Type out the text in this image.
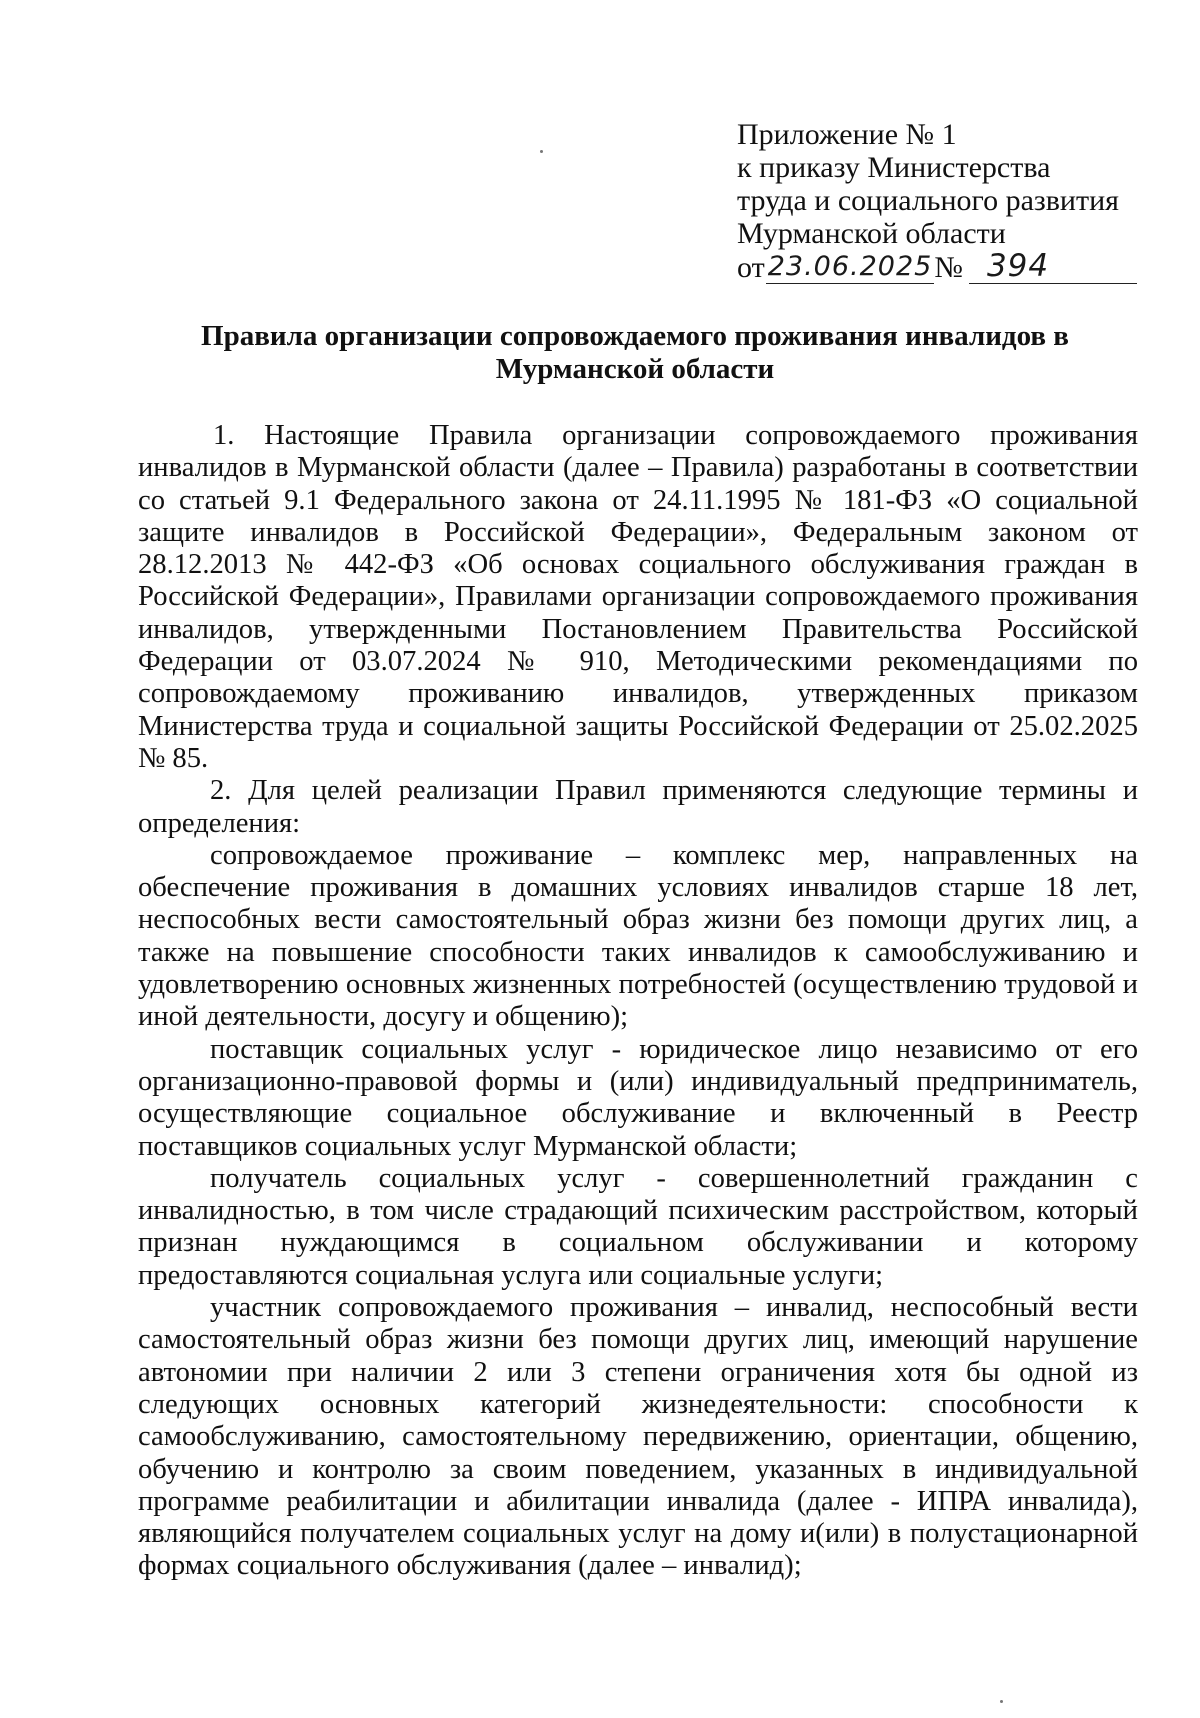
Приложение № 1
к приказу Министерства
труда и социального развития
Мурманской области
от 23.06.2025 № 394
Правила организации сопровождаемого проживания инвалидов в
Мурманской области

1. Настоящие Правила организации сопровождаемого проживания инвалидов в Мурманской области (далее – Правила) разработаны в соответствии со статьей 9.1 Федерального закона от 24.11.1995 № 181-ФЗ «О социальной защите инвалидов в Российской Федерации», Федеральным законом от 28.12.2013 № 442-ФЗ «Об основах социального обслуживания граждан в Российской Федерации», Правилами организации сопровождаемого проживания инвалидов, утвержденными Постановлением Правительства Российской Федерации от 03.07.2024 № 910, Методическими рекомендациями по сопровождаемому проживанию инвалидов, утвержденных приказом Министерства труда и социальной защиты Российской Федерации от 25.02.2025 № 85.

2. Для целей реализации Правил применяются следующие термины и определения:

сопровождаемое проживание – комплекс мер, направленных на обеспечение проживания в домашних условиях инвалидов старше 18 лет, неспособных вести самостоятельный образ жизни без помощи других лиц, а также на повышение способности таких инвалидов к самообслуживанию и удовлетворению основных жизненных потребностей (осуществлению трудовой и иной деятельности, досугу и общению);

поставщик социальных услуг - юридическое лицо независимо от его организационно-правовой формы и (или) индивидуальный предприниматель, осуществляющие социальное обслуживание и включенный в Реестр поставщиков социальных услуг Мурманской области;

получатель социальных услуг - совершеннолетний гражданин с инвалидностью, в том числе страдающий психическим расстройством, который признан нуждающимся в социальном обслуживании и которому предоставляются социальная услуга или социальные услуги;

участник сопровождаемого проживания – инвалид, неспособный вести самостоятельный образ жизни без помощи других лиц, имеющий нарушение автономии при наличии 2 или 3 степени ограничения хотя бы одной из следующих основных категорий жизнедеятельности: способности к самообслуживанию, самостоятельному передвижению, ориентации, общению, обучению и контролю за своим поведением, указанных в индивидуальной программе реабилитации и абилитации инвалида (далее - ИПРА инвалида), являющийся получателем социальных услуг на дому и(или) в полустационарной формах социального обслуживания (далее – инвалид);
